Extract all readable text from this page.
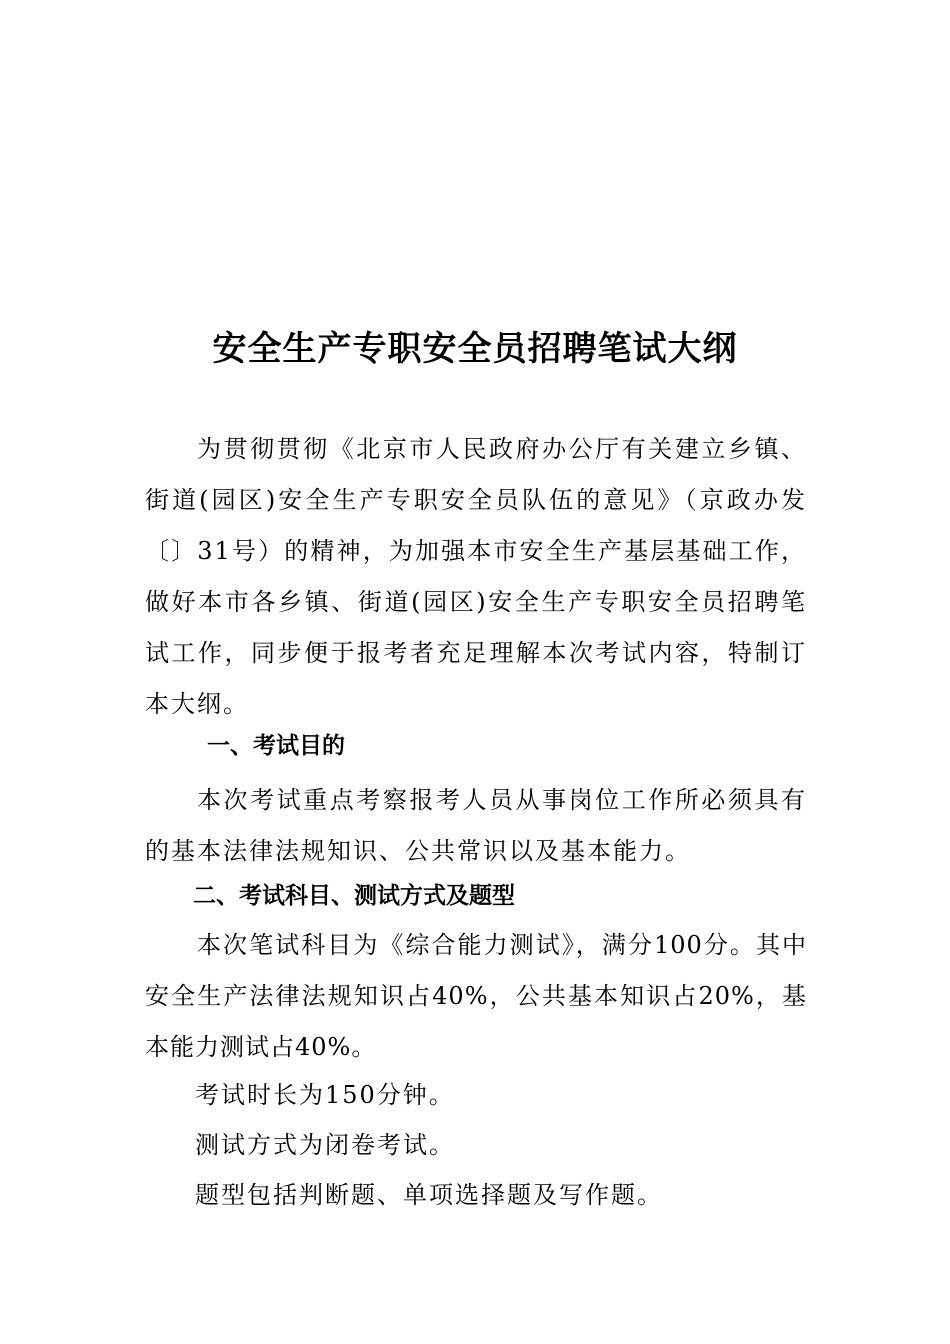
安全生产专职安全员招聘笔试大纲

为贯彻贯彻《北京市人民政府办公厅有关建立乡镇、街道(园区)安全生产专职安全员队伍的意见》（京政办发〔〕31号）的精神，为加强本市安全生产基层基础工作，做好本市各乡镇、街道(园区)安全生产专职安全员招聘笔试工作，同步便于报考者充足理解本次考试内容，特制订本大纲。

一、考试目的

本次考试重点考察报考人员从事岗位工作所必须具有的基本法律法规知识、公共常识以及基本能力。

二、考试科目、测试方式及题型

本次笔试科目为《综合能力测试》，满分100分。其中安全生产法律法规知识占40%，公共基本知识占20%，基本能力测试占40%。

考试时长为150分钟。

测试方式为闭卷考试。

题型包括判断题、单项选择题及写作题。
